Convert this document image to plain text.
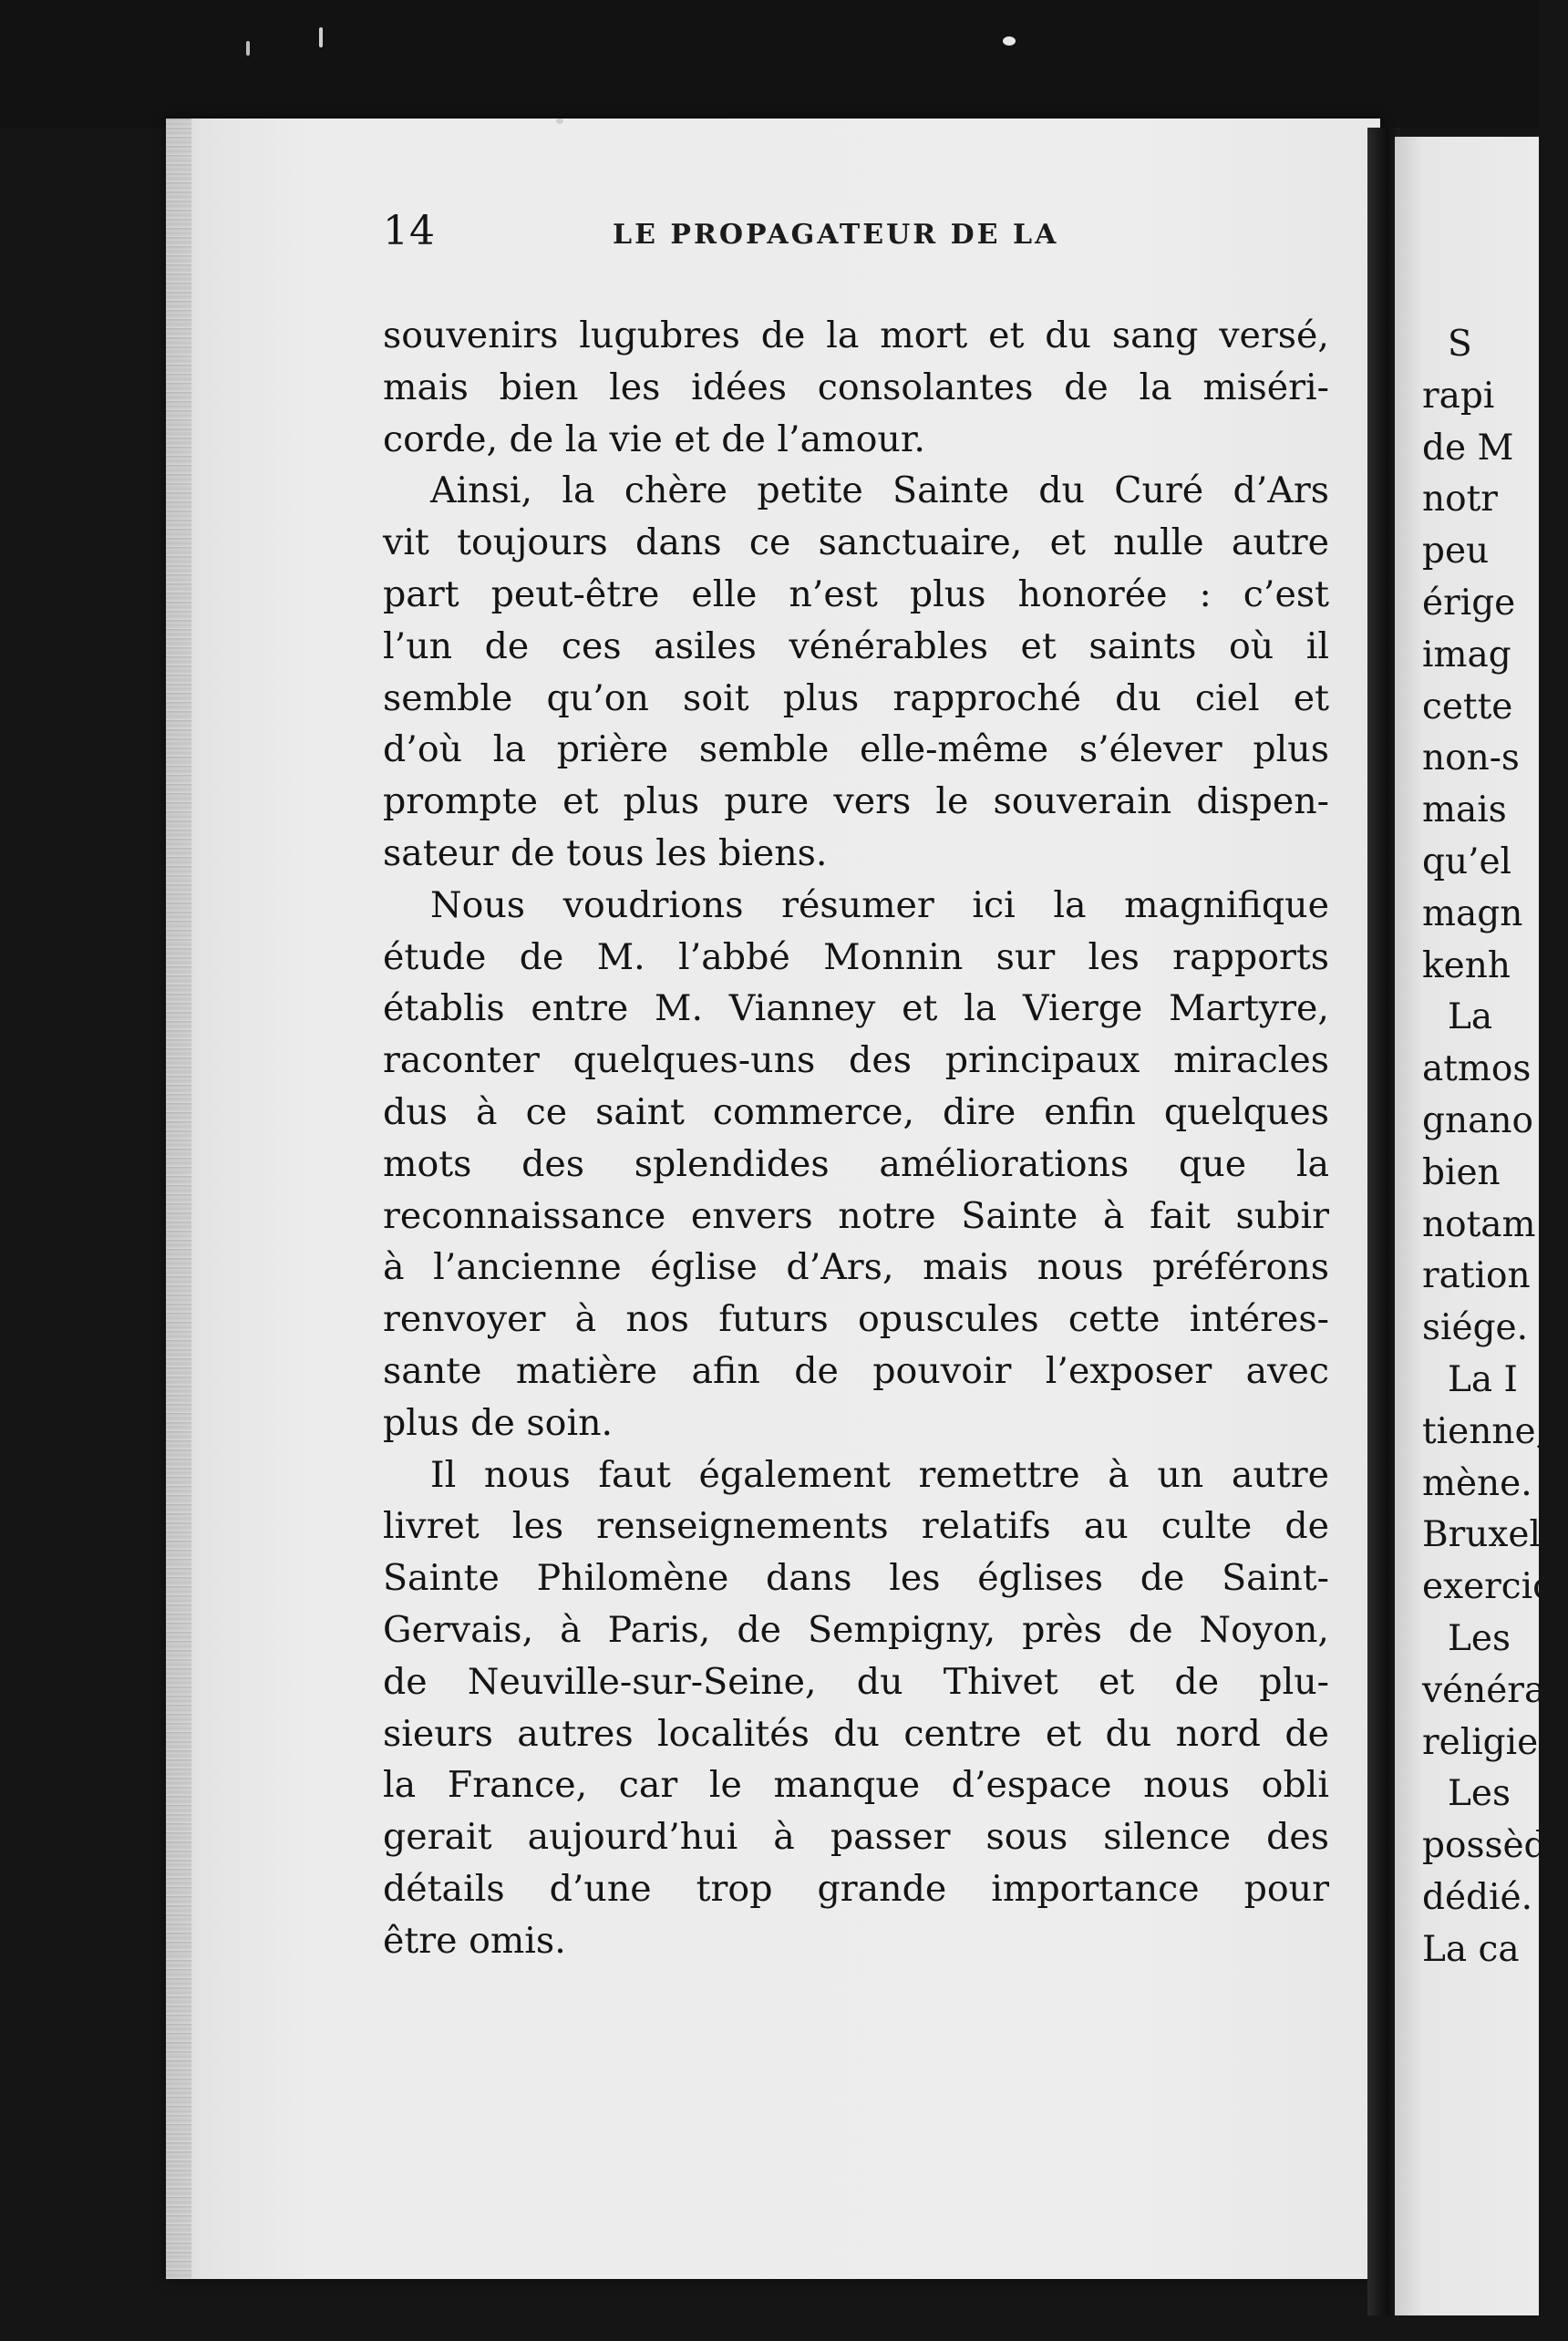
14	LE PROPAGATEUR DE LA
souvenirs lugubres de la mort et du sang versé,
mais bien les idées consolantes de la miséri-
corde, de la vie et de l’amour.
Ainsi, la chère petite Sainte du Curé d’Ars
vit toujours dans ce sanctuaire, et nulle autre
part peut-être elle n’est plus honorée : c’est
l’un de ces asiles vénérables et saints où il
semble qu’on soit plus rapproché du ciel et
d’où la prière semble elle-même s’élever plus
prompte et plus pure vers le souverain dispen-
sateur de tous les biens.
Nous voudrions résumer ici la magnifique
étude de M. l’abbé Monnin sur les rapports
établis entre M. Vianney et la Vierge Martyre,
raconter quelques-uns des principaux miracles
dus à ce saint commerce, dire enfin quelques
mots des splendides améliorations que la
reconnaissance envers notre Sainte à fait subir
à l’ancienne église d’Ars, mais nous préférons
renvoyer à nos futurs opuscules cette intéres-
sante matière afin de pouvoir l’exposer avec
plus de soin.
Il nous faut également remettre à un autre
livret les renseignements relatifs au culte de
Sainte Philomène dans les églises de Saint-
Gervais, à Paris, de Sempigny, près de Noyon,
de Neuville-sur-Seine, du Thivet et de plu-
sieurs autres localités du centre et du nord de
la France, car le manque d’espace nous obli
gerait aujourd’hui à passer sous silence des
détails d’une trop grande importance pour
être omis.
S
rapi
de M
notr
peu
érige
imag
cette
non-s
mais
qu’el
magn
kenh
La
atmos
gnano
bien
notam
ration
siége.
La I
tienne,
mène.
Bruxel
exercic
Les
vénérat
religieu
Les
possède
dédié.
La ca
